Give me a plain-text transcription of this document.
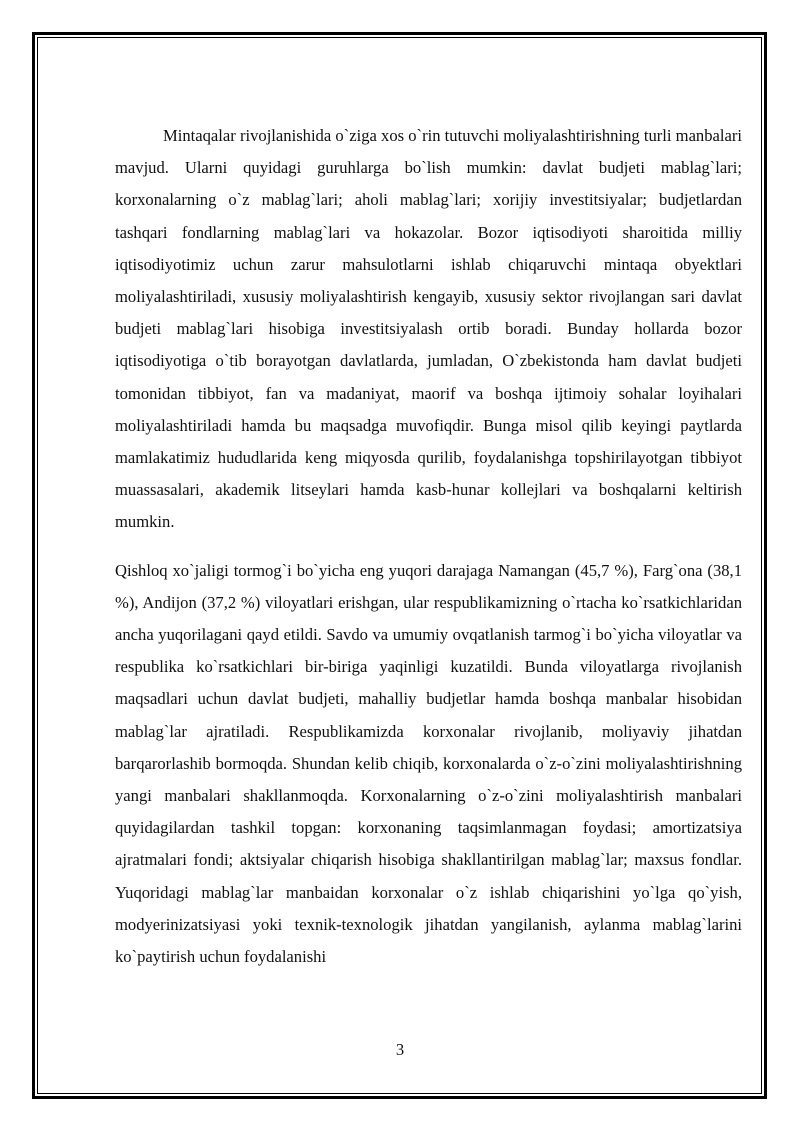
Mintaqalar rivojlanishida o`ziga xos o`rin tutuvchi moliyalashtirishning turli manbalari mavjud. Ularni quyidagi guruhlarga bo`lish mumkin: davlat budjeti mablag`lari; korxonalarning o`z mablag`lari; aholi mablag`lari; xorijiy investitsiyalar; budjetlardan tashqari fondlarning mablag`lari va hokazolar. Bozor iqtisodiyoti sharoitida milliy iqtisodiyotimiz uchun zarur mahsulotlarni ishlab chiqaruvchi mintaqa obyektlari moliyalashtiriladi, xususiy moliyalashtirish kengayib, xususiy sektor rivojlangan sari davlat budjeti mablag`lari hisobiga investitsiyalash ortib boradi. Bunday hollarda bozor iqtisodiyotiga o`tib borayotgan davlatlarda, jumladan, O`zbekistonda ham davlat budjeti tomonidan tibbiyot, fan va madaniyat, maorif va boshqa ijtimoiy sohalar loyihalari moliyalashtiriladi hamda bu maqsadga muvofiqdir. Bunga misol qilib keyingi paytlarda mamlakatimiz hududlarida keng miqyosda qurilib, foydalanishga topshirilayotgan tibbiyot muassasalari, akademik litseylari hamda kasb-hunar kollejlari va boshqalarni keltirish mumkin.

Qishloq xo`jaligi tormog`i bo`yicha eng yuqori darajaga Namangan (45,7 %), Farg`ona (38,1 %), Andijon (37,2 %) viloyatlari erishgan, ular respublikamizning o`rtacha ko`rsatkichlaridan ancha yuqorilagani qayd etildi. Savdo va umumiy ovqatlanish tarmog`i bo`yicha viloyatlar va respublika ko`rsatkichlari bir-biriga yaqinligi kuzatildi. Bunda viloyatlarga rivojlanish maqsadlari uchun davlat budjeti, mahalliy budjetlar hamda boshqa manbalar hisobidan mablag`lar ajratiladi. Respublikamizda korxonalar rivojlanib, moliyaviy jihatdan barqarorlashib bormoqda. Shundan kelib chiqib, korxonalarda o`z-o`zini moliyalashtirishning yangi manbalari shakllanmoqda. Korxonalarning o`z-o`zini moliyalashtirish manbalari quyidagilardan tashkil topgan: korxonaning taqsimlanmagan foydasi; amortizatsiya ajratmalari fondi; aktsiyalar chiqarish hisobiga shakllantirilgan mablag`lar; maxsus fondlar. Yuqoridagi mablag`lar manbaidan korxonalar o`z ishlab chiqarishini yo`lga qo`yish, modyerinizatsiyasi yoki texnik-texnologik jihatdan yangilanish, aylanma mablag`larini ko`paytirish uchun foydalanishi

3
